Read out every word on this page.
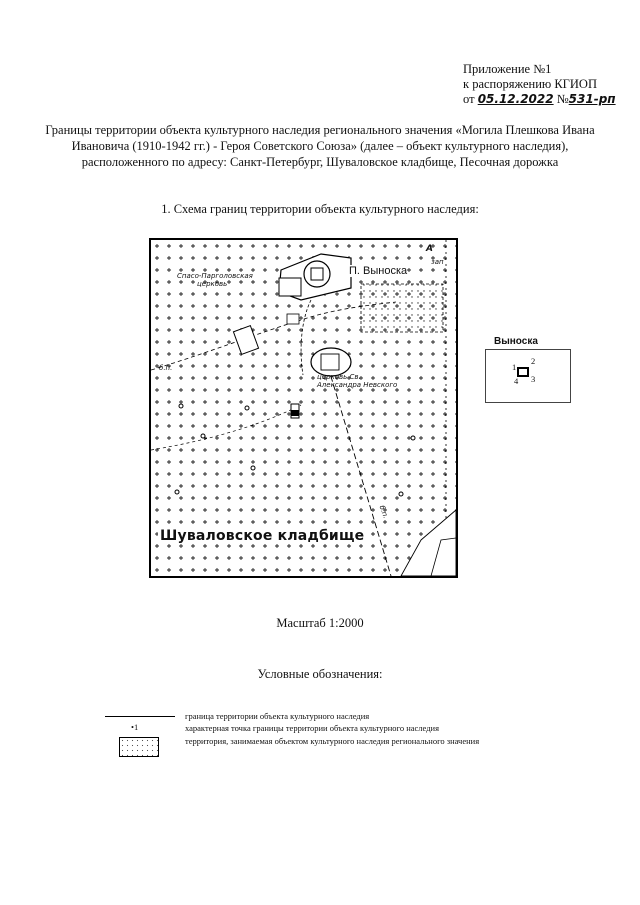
Приложение №1
к распоряжению КГИОП
от 05.12.2022 №531-рп
Границы территории объекта культурного наследия регионального значения «Могила Плешкова Ивана Ивановича (1910-1942 гг.) - Героя Советского Союза» (далее – объект культурного наследия), расположенного по адресу: Санкт-Петербург, Шуваловское кладбище, Песочная дорожка
1. Схема границ территории объекта культурного наследия:
Спасо-Парголовская
церковь
П. Выноска
церковь Св.
Александра Невского
б.п.
б.п.
А
зап
Шуваловское кладбище
Выноска
1
2
3
4
Масштаб 1:2000
Условные обозначения:
граница территории объекта культурного наследия
•1	характерная точка границы территории объекта культурного наследия
территория, занимаемая объектом культурного наследия регионального значения
